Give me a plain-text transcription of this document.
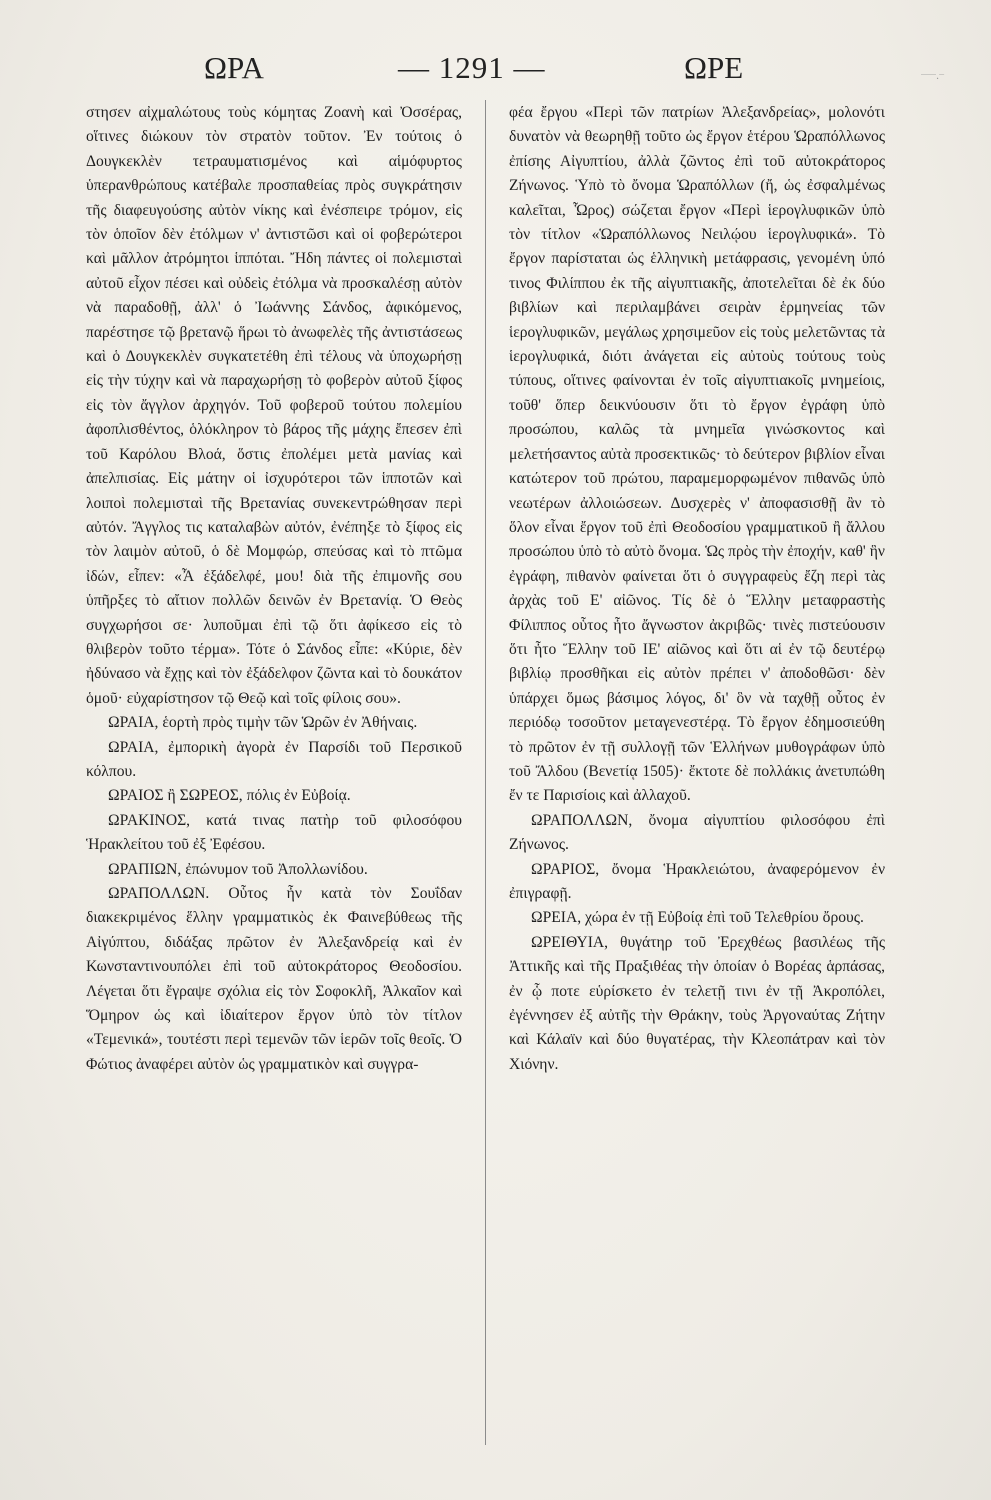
ΩΡΑ	— 1291 —	ΩΡΕ	‾‾‾·‾

στησεν αἰχμαλώτους τοὺς κόμητας Ζοανὴ καὶ Ὀσσέρας, οἵτινες διώκουν τὸν στρατὸν τοῦτον. Ἐν τούτοις ὁ Δουγκεκλὲν τετραυματισμένος καὶ αἱμόφυρτος ὑπερανθρώπους κατέβαλε προσπαθείας πρὸς συγκράτησιν τῆς διαφευγούσης αὐτὸν νίκης καὶ ἐνέσπειρε τρόμον, εἰς τὸν ὁποῖον δὲν ἐτόλμων ν' ἀντιστῶσι καὶ οἱ φοβερώτεροι καὶ μᾶλλον ἀτρόμητοι ἱππόται. Ἤδη πάντες οἱ πολεμισταὶ αὐτοῦ εἶχον πέσει καὶ οὐδεὶς ἐτόλμα νὰ προσκαλέσῃ αὐτὸν νὰ παραδοθῇ, ἀλλ' ὁ Ἰωάννης Σάνδος, ἀφικόμενος, παρέστησε τῷ βρετανῷ ἥρωι τὸ ἀνωφελὲς τῆς ἀντιστάσεως καὶ ὁ Δουγκεκλὲν συγκατετέθη ἐπὶ τέλους νὰ ὑποχωρήσῃ εἰς τὴν τύχην καὶ νὰ παραχωρήσῃ τὸ φοβερὸν αὐτοῦ ξίφος εἰς τὸν ἄγγλον ἀρχηγόν. Τοῦ φοβεροῦ τούτου πολεμίου ἀφοπλισθέντος, ὁλόκληρον τὸ βάρος τῆς μάχης ἔπεσεν ἐπὶ τοῦ Καρόλου Βλοά, ὅστις ἐπολέμει μετὰ μανίας καὶ ἀπελπισίας. Εἰς μάτην οἱ ἰσχυρότεροι τῶν ἱπποτῶν καὶ λοιποὶ πολεμισταὶ τῆς Βρετανίας συνεκεντρώθησαν περὶ αὐτόν. Ἄγγλος τις καταλαβὼν αὐτόν, ἐνέπηξε τὸ ξίφος εἰς τὸν λαιμὸν αὐτοῦ, ὁ δὲ Μομφώρ, σπεύσας καὶ τὸ πτῶμα ἰδών, εἶπεν: «Ἆ ἐξάδελφέ, μου! διὰ τῆς ἐπιμονῆς σου ὑπῆρξες τὸ αἴτιον πολλῶν δεινῶν ἐν Βρετανίᾳ. Ὁ Θεὸς συγχωρήσοι σε· λυποῦμαι ἐπὶ τῷ ὅτι ἀφίκεσο εἰς τὸ θλιβερὸν τοῦτο τέρμα». Τότε ὁ Σάνδος εἶπε: «Κύριε, δὲν ἠδύνασο νὰ ἔχῃς καὶ τὸν ἐξάδελφον ζῶντα καὶ τὸ δουκάτον ὁμοῦ· εὐχαρίστησον τῷ Θεῷ καὶ τοῖς φίλοις σου».

ΩΡΑΙΑ, ἑορτὴ πρὸς τιμὴν τῶν Ὡρῶν ἐν Ἀθήναις.

ΩΡΑΙΑ, ἐμπορικὴ ἀγορὰ ἐν Παρσίδι τοῦ Περσικοῦ κόλπου.

ΩΡΑΙΟΣ ἢ ΣΩΡΕΟΣ, πόλις ἐν Εὐβοίᾳ.

ΩΡΑΚΙΝΟΣ, κατά τινας πατὴρ τοῦ φιλοσόφου Ἡρακλείτου τοῦ ἐξ Ἐφέσου.

ΩΡΑΠΙΩΝ, ἐπώνυμον τοῦ Ἀπολλωνίδου.

ΩΡΑΠΟΛΛΩΝ. Οὗτος ἦν κατὰ τὸν Σουΐδαν διακεκριμένος ἕλλην γραμματικὸς ἐκ Φαινεβύθεως τῆς Αἰγύπτου, διδάξας πρῶτον ἐν Ἀλεξανδρείᾳ καὶ ἐν Κωνσταντινουπόλει ἐπὶ τοῦ αὐτοκράτορος Θεοδοσίου. Λέγεται ὅτι ἔγραψε σχόλια εἰς τὸν Σοφοκλῆ, Ἀλκαῖον καὶ Ὅμηρον ὡς καὶ ἰδιαίτερον ἔργον ὑπὸ τὸν τίτλον «Τεμενικά», τουτέστι περὶ τεμενῶν τῶν ἱερῶν τοῖς θεοῖς. Ὁ Φώτιος ἀναφέρει αὐτὸν ὡς γραμματικὸν καὶ συγγρα-

φέα ἔργου «Περὶ τῶν πατρίων Ἀλεξανδρείας», μολονότι δυνατὸν νὰ θεωρηθῇ τοῦτο ὡς ἔργον ἑτέρου Ὡραπόλλωνος ἐπίσης Αἰγυπτίου, ἀλλὰ ζῶντος ἐπὶ τοῦ αὐτοκράτορος Ζήνωνος. Ὑπὸ τὸ ὄνομα Ὡραπόλλων (ἤ, ὡς ἐσφαλμένως καλεῖται, Ὧρος) σώζεται ἔργον «Περὶ ἱερογλυφικῶν ὑπὸ τὸν τίτλον «Ὡραπόλλωνος Νειλῴου ἱερογλυφικά». Τὸ ἔργον παρίσταται ὡς ἑλληνικὴ μετάφρασις, γενομένη ὑπό τινος Φιλίππου ἐκ τῆς αἰγυπτιακῆς, ἀποτελεῖται δὲ ἐκ δύο βιβλίων καὶ περιλαμβάνει σειρὰν ἑρμηνείας τῶν ἱερογλυφικῶν, μεγάλως χρησιμεῦον εἰς τοὺς μελετῶντας τὰ ἱερογλυφικά, διότι ἀνάγεται εἰς αὐτοὺς τούτους τοὺς τύπους, οἵτινες φαίνονται ἐν τοῖς αἰγυπτιακοῖς μνημείοις, τοῦθ' ὅπερ δεικνύουσιν ὅτι τὸ ἔργον ἐγράφη ὑπὸ προσώπου, καλῶς τὰ μνημεῖα γινώσκοντος καὶ μελετήσαντος αὐτὰ προσεκτικῶς· τὸ δεύτερον βιβλίον εἶναι κατώτερον τοῦ πρώτου, παραμεμορφωμένον πιθανῶς ὑπὸ νεωτέρων ἀλλοιώσεων. Δυσχερὲς ν' ἀποφασισθῇ ἂν τὸ ὅλον εἶναι ἔργον τοῦ ἐπὶ Θεοδοσίου γραμματικοῦ ἢ ἄλλου προσώπου ὑπὸ τὸ αὐτὸ ὄνομα. Ὡς πρὸς τὴν ἐποχήν, καθ' ἣν ἐγράφη, πιθανὸν φαίνεται ὅτι ὁ συγγραφεὺς ἔζη περὶ τὰς ἀρχὰς τοῦ Ε' αἰῶνος. Τίς δὲ ὁ Ἕλλην μεταφραστὴς Φίλιππος οὗτος ἦτο ἄγνωστον ἀκριβῶς· τινὲς πιστεύουσιν ὅτι ἦτο Ἕλλην τοῦ ΙΕ' αἰῶνος καὶ ὅτι αἱ ἐν τῷ δευτέρῳ βιβλίῳ προσθῆκαι εἰς αὐτὸν πρέπει ν' ἀποδοθῶσι· δὲν ὑπάρχει ὅμως βάσιμος λόγος, δι' ὃν νὰ ταχθῇ οὗτος ἐν περιόδῳ τοσοῦτον μεταγενεστέρᾳ. Τὸ ἔργον ἐδημοσιεύθη τὸ πρῶτον ἐν τῇ συλλογῇ τῶν Ἑλλήνων μυθογράφων ὑπὸ τοῦ Ἄλδου (Βενετίᾳ 1505)· ἔκτοτε δὲ πολλάκις ἀνετυπώθη ἔν τε Παρισίοις καὶ ἀλλαχοῦ.

ΩΡΑΠΟΛΛΩΝ, ὄνομα αἰγυπτίου φιλοσόφου ἐπὶ Ζήνωνος.

ΩΡΑΡΙΟΣ, ὄνομα Ἡρακλειώτου, ἀναφερόμενον ἐν ἐπιγραφῇ.

ΩΡΕΙΑ, χώρα ἐν τῇ Εὐβοίᾳ ἐπὶ τοῦ Τελεθρίου ὄρους.

ΩΡΕΙΘΥΙΑ, θυγάτηρ τοῦ Ἐρεχθέως βασιλέως τῆς Ἀττικῆς καὶ τῆς Πραξιθέας τὴν ὁποίαν ὁ Βορέας ἁρπάσας, ἐν ᾧ ποτε εὑρίσκετο ἐν τελετῇ τινι ἐν τῇ Ἀκροπόλει, ἐγέννησεν ἐξ αὐτῆς τὴν Θράκην, τοὺς Ἀργοναύτας Ζήτην καὶ Κάλαϊν καὶ δύο θυγατέρας, τὴν Κλεοπάτραν καὶ τὸν Χιόνην.
